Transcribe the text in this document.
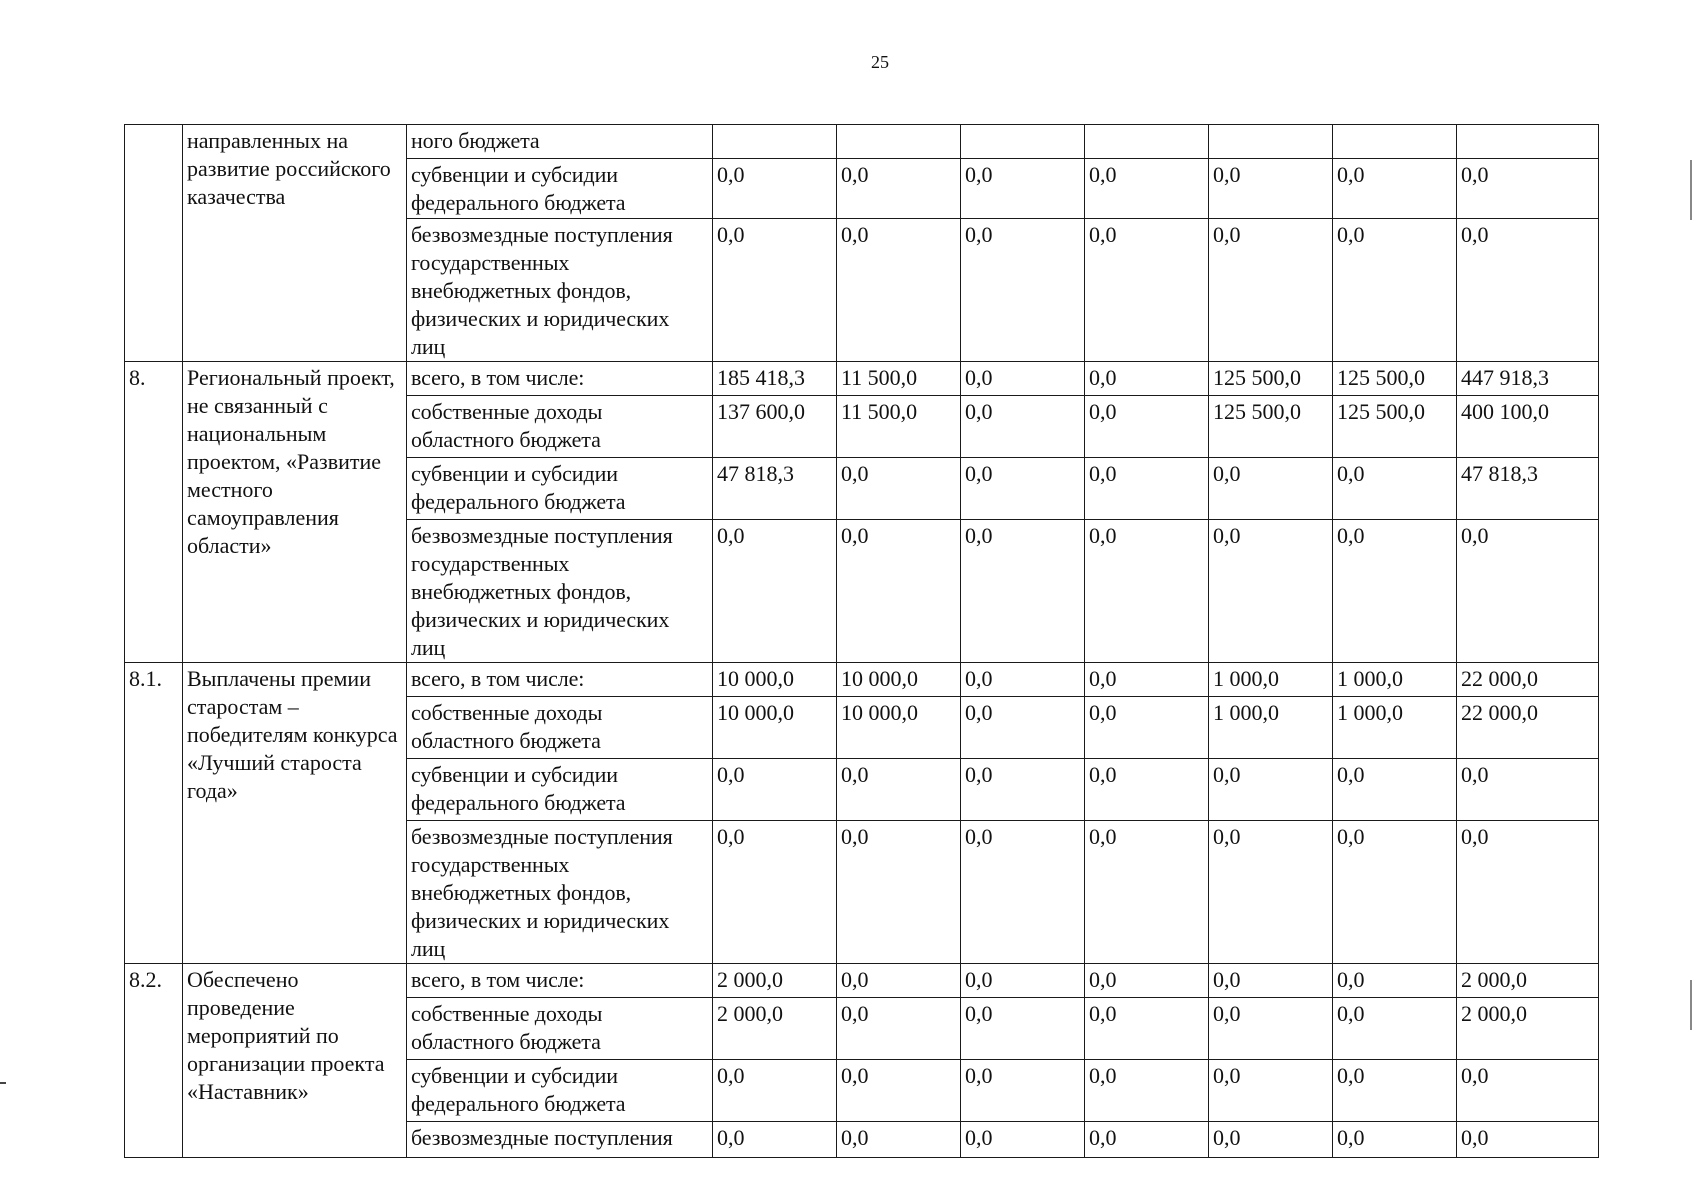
25
	направленных на развитие российского казачества	ного бюджета							
		субвенции и субсидии федерального бюджета	0,0	0,0	0,0	0,0	0,0	0,0	0,0
		безвозмездные поступления государственных внебюджетных фондов, физических и юридических лиц	0,0	0,0	0,0	0,0	0,0	0,0	0,0
8.	Региональный проект, не связанный с национальным проектом, «Развитие местного самоуправления области»	всего, в том числе:	185 418,3	11 500,0	0,0	0,0	125 500,0	125 500,0	447 918,3
		собственные доходы областного бюджета	137 600,0	11 500,0	0,0	0,0	125 500,0	125 500,0	400 100,0
		субвенции и субсидии федерального бюджета	47 818,3	0,0	0,0	0,0	0,0	0,0	47 818,3
		безвозмездные поступления государственных внебюджетных фондов, физических и юридических лиц	0,0	0,0	0,0	0,0	0,0	0,0	0,0
8.1.	Выплачены премии старостам – победителям конкурса «Лучший староста года»	всего, в том числе:	10 000,0	10 000,0	0,0	0,0	1 000,0	1 000,0	22 000,0
		собственные доходы областного бюджета	10 000,0	10 000,0	0,0	0,0	1 000,0	1 000,0	22 000,0
		субвенции и субсидии федерального бюджета	0,0	0,0	0,0	0,0	0,0	0,0	0,0
		безвозмездные поступления государственных внебюджетных фондов, физических и юридических лиц	0,0	0,0	0,0	0,0	0,0	0,0	0,0
8.2.	Обеспечено проведение мероприятий по организации проекта «Наставник»	всего, в том числе:	2 000,0	0,0	0,0	0,0	0,0	0,0	2 000,0
		собственные доходы областного бюджета	2 000,0	0,0	0,0	0,0	0,0	0,0	2 000,0
		субвенции и субсидии федерального бюджета	0,0	0,0	0,0	0,0	0,0	0,0	0,0
		безвозмездные поступления	0,0	0,0	0,0	0,0	0,0	0,0	0,0
